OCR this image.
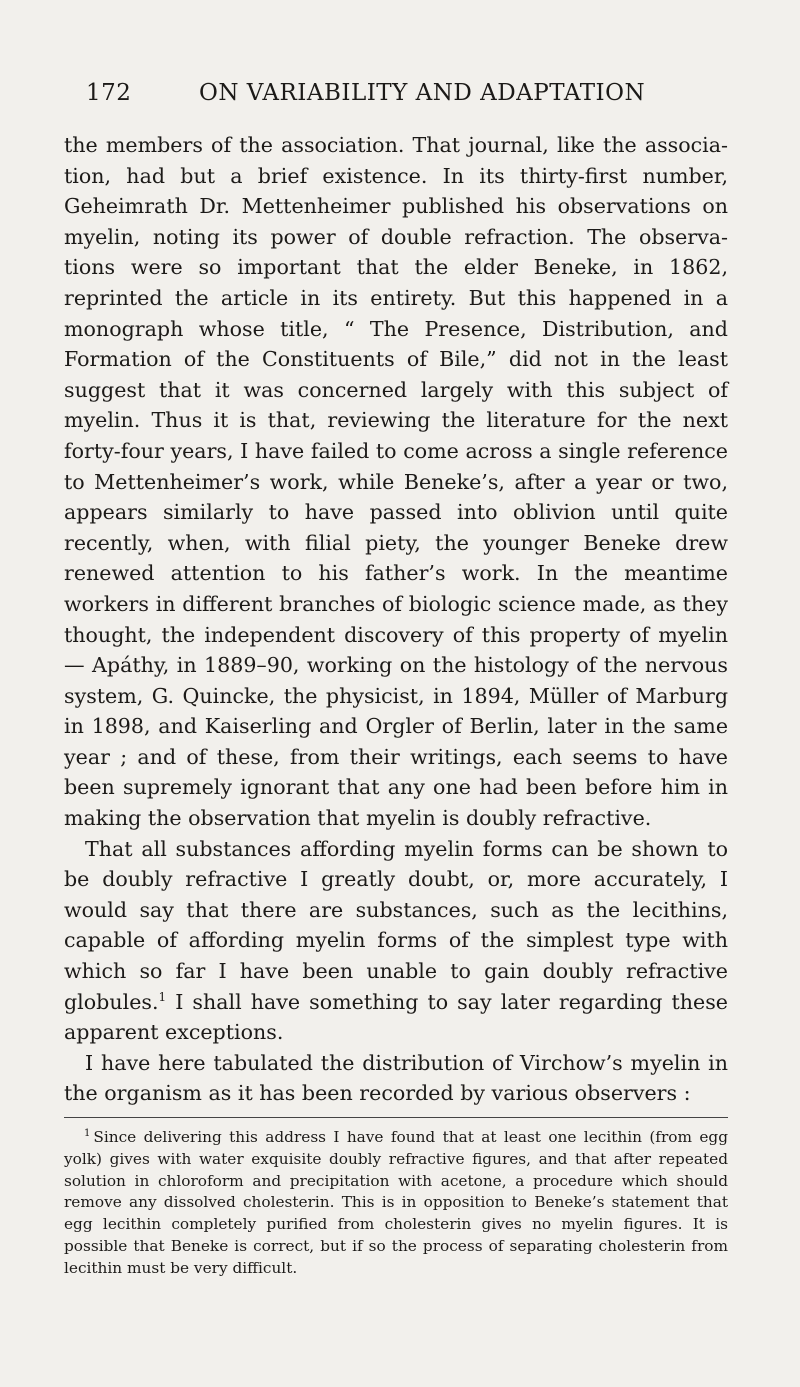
172	ON VARIABILITY AND ADAPTATION

the members of the association. That journal, like the associa- tion, had but a brief existence. In its thirty-first number, Geheimrath Dr. Mettenheimer published his observations on myelin, noting its power of double refraction. The observa- tions were so important that the elder Beneke, in 1862, reprinted the article in its entirety. But this happened in a monograph whose title, “ The Presence, Distribution, and Formation of the Constituents of Bile,” did not in the least suggest that it was concerned largely with this subject of myelin. Thus it is that, reviewing the literature for the next forty-four years, I have failed to come across a single reference to Mettenheimer’s work, while Beneke’s, after a year or two, appears similarly to have passed into oblivion until quite recently, when, with filial piety, the younger Beneke drew renewed attention to his father’s work. In the meantime workers in different branches of biologic science made, as they thought, the independent discovery of this property of myelin — Apáthy, in 1889–90, working on the histology of the nervous system, G. Quincke, the physicist, in 1894, Müller of Marburg in 1898, and Kaiserling and Orgler of Berlin, later in the same year ; and of these, from their writings, each seems to have been supremely ignorant that any one had been before him in making the observation that myelin is doubly refractive.

That all substances affording myelin forms can be shown to be doubly refractive I greatly doubt, or, more accurately, I would say that there are substances, such as the lecithins, capable of affording myelin forms of the simplest type with which so far I have been unable to gain doubly refractive globules.$^1$ I shall have something to say later regarding these apparent exceptions.

I have here tabulated the distribution of Virchow’s myelin in the organism as it has been recorded by various observers :

$^1$ Since delivering this address I have found that at least one lecithin (from egg yolk) gives with water exquisite doubly refractive figures, and that after repeated solution in chloroform and precipitation with acetone, a procedure which should remove any dissolved cholesterin. This is in opposition to Beneke’s statement that egg lecithin completely purified from cholesterin gives no myelin figures. It is possible that Beneke is correct, but if so the process of separating cholesterin from lecithin must be very difficult.
